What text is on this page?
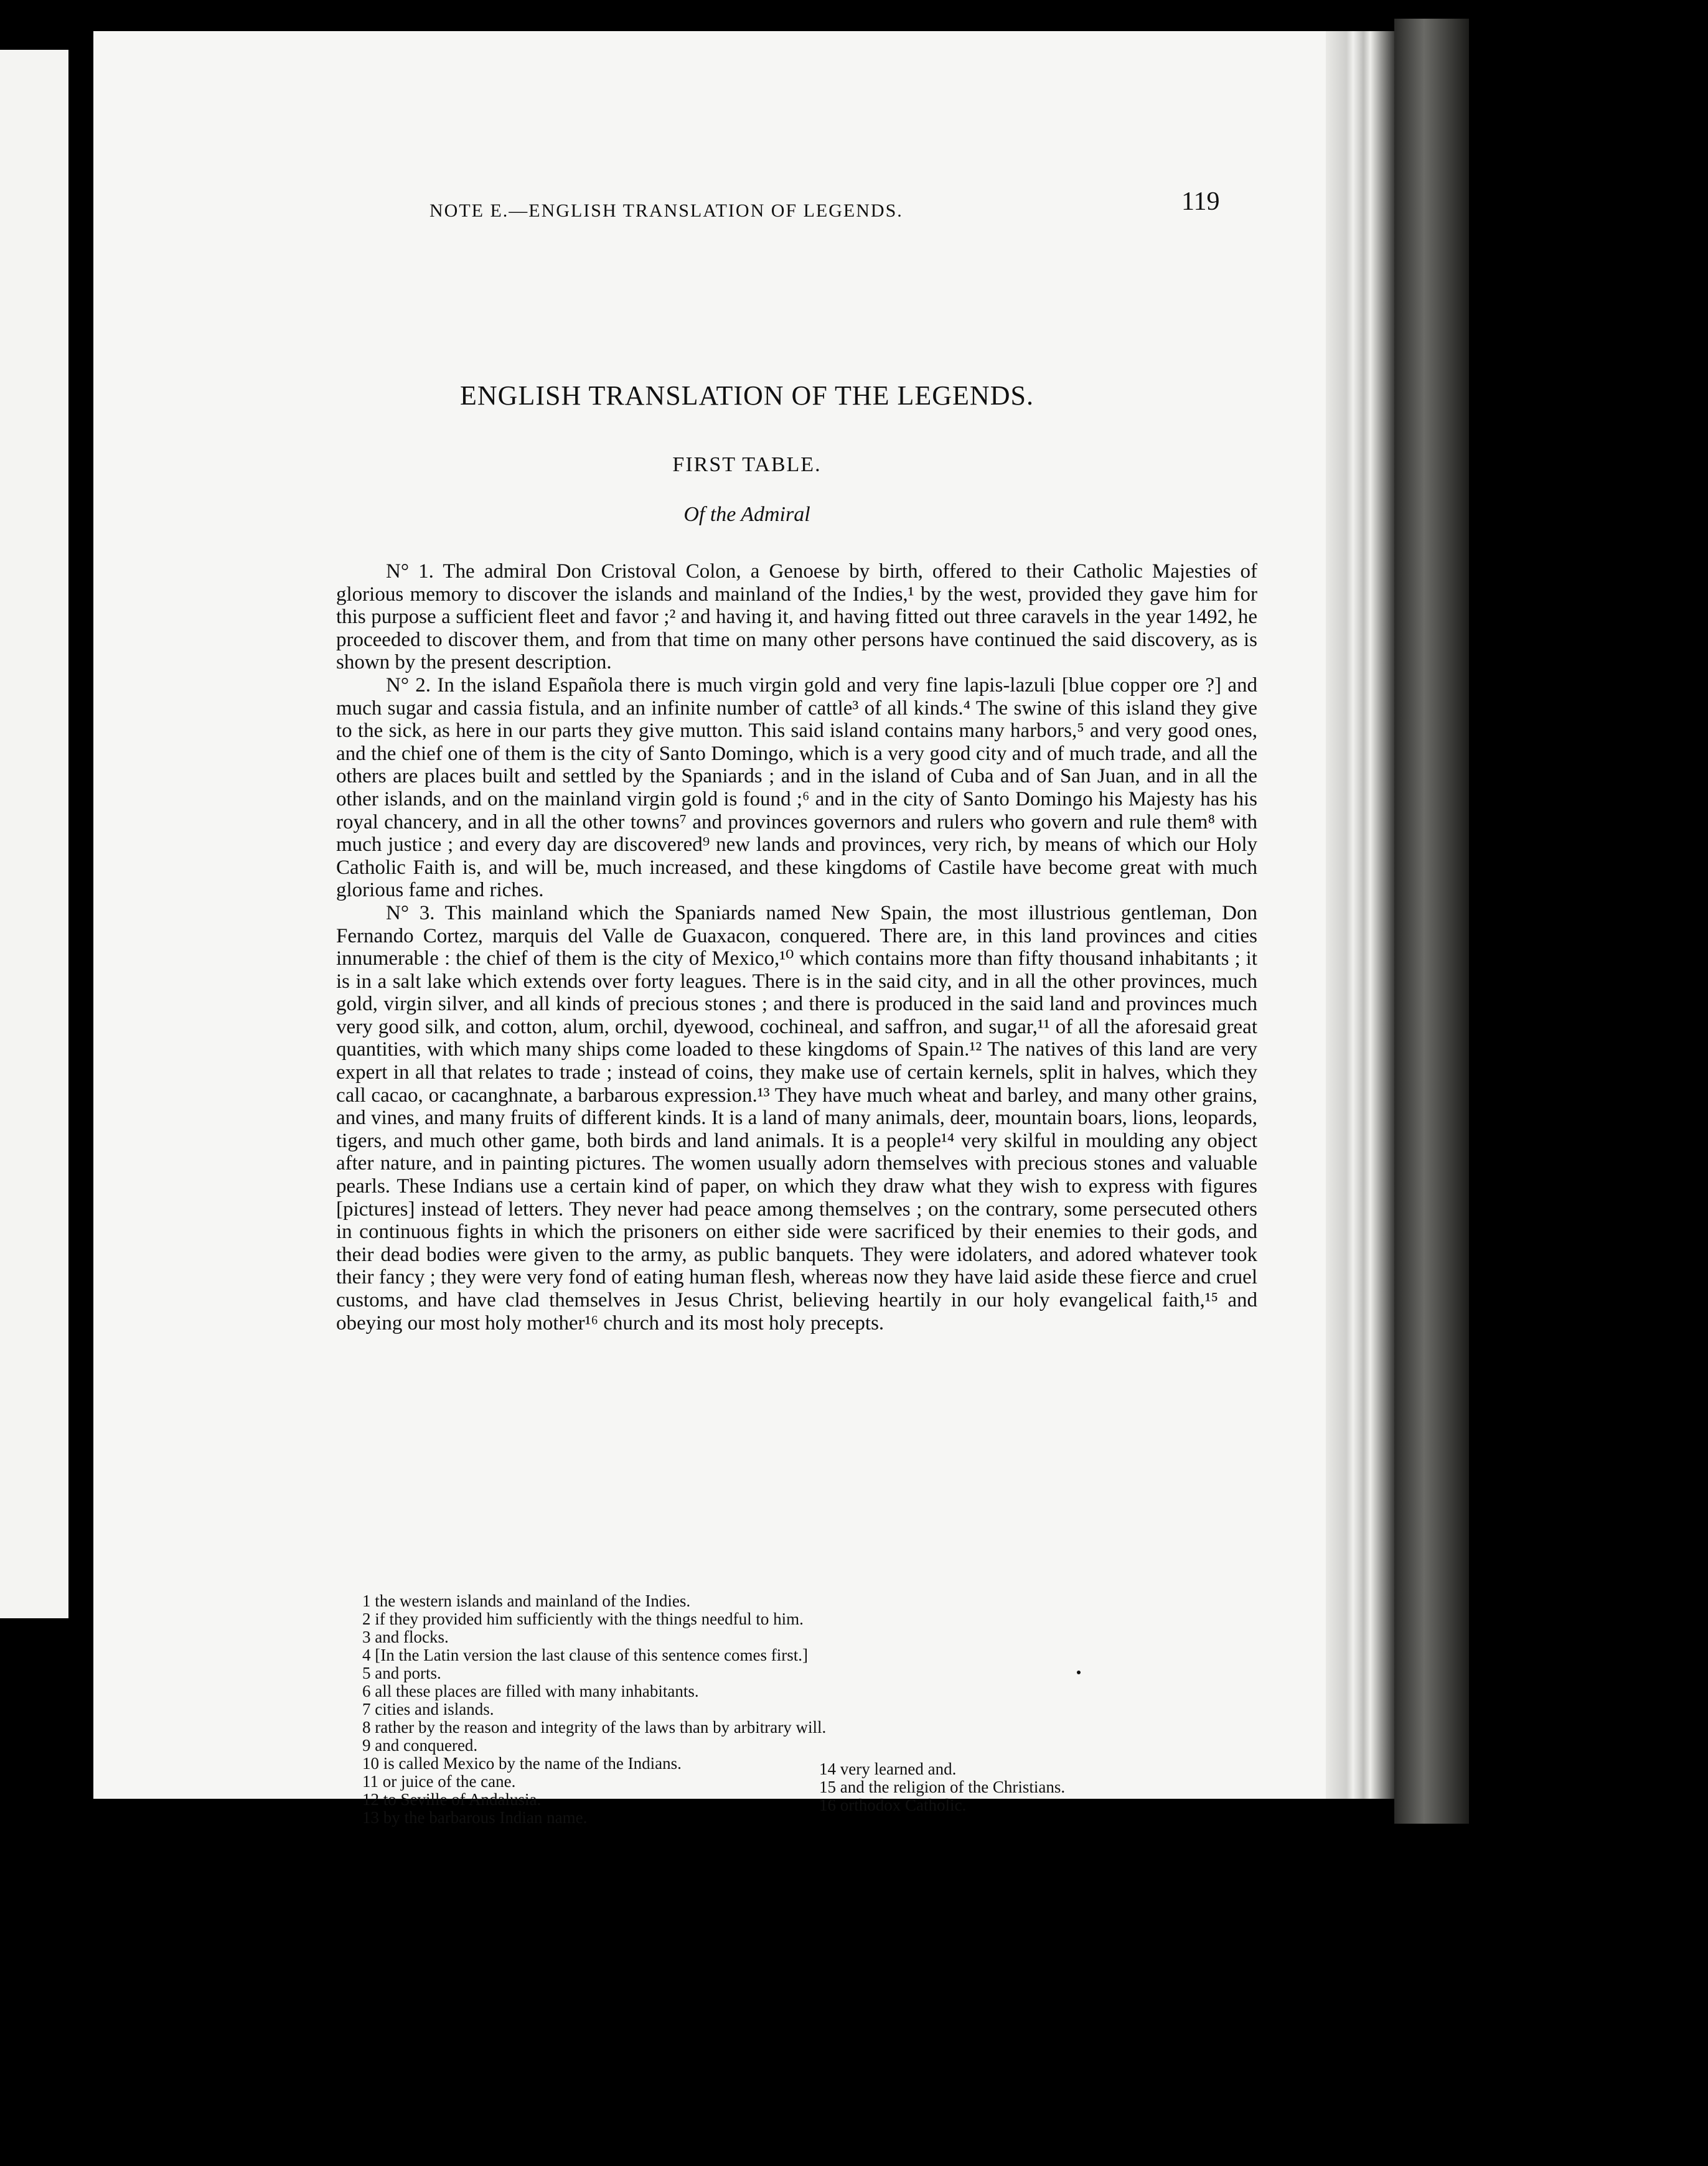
NOTE E.—ENGLISH TRANSLATION OF LEGENDS.	119
ENGLISH TRANSLATION OF THE LEGENDS.
FIRST TABLE.
Of the Admiral

N° 1. The admiral Don Cristoval Colon, a Genoese by birth, offered to their Catholic Majesties of glorious memory to discover the islands and mainland of the Indies,¹ by the west, provided they gave him for this purpose a sufficient fleet and favor ;² and having it, and having fitted out three caravels in the year 1492, he proceeded to discover them, and from that time on many other persons have continued the said discovery, as is shown by the present description.

N° 2. In the island Española there is much virgin gold and very fine lapis-lazuli [blue copper ore ?] and much sugar and cassia fistula, and an infinite number of cattle³ of all kinds.⁴ The swine of this island they give to the sick, as here in our parts they give mutton. This said island contains many harbors,⁵ and very good ones, and the chief one of them is the city of Santo Domingo, which is a very good city and of much trade, and all the others are places built and settled by the Spaniards ; and in the island of Cuba and of San Juan, and in all the other islands, and on the mainland virgin gold is found ;⁶ and in the city of Santo Domingo his Majesty has his royal chancery, and in all the other towns⁷ and provinces governors and rulers who govern and rule them⁸ with much justice ; and every day are discovered⁹ new lands and provinces, very rich, by means of which our Holy Catholic Faith is, and will be, much increased, and these kingdoms of Castile have become great with much glorious fame and riches.

N° 3. This mainland which the Spaniards named New Spain, the most illustrious gentleman, Don Fernando Cortez, marquis del Valle de Guaxacon, conquered. There are, in this land provinces and cities innumerable : the chief of them is the city of Mexico,¹⁰ which contains more than fifty thousand inhabitants ; it is in a salt lake which extends over forty leagues. There is in the said city, and in all the other provinces, much gold, virgin silver, and all kinds of precious stones ; and there is produced in the said land and provinces much very good silk, and cotton, alum, orchil, dyewood, cochineal, and saffron, and sugar,¹¹ of all the aforesaid great quantities, with which many ships come loaded to these kingdoms of Spain.¹² The natives of this land are very expert in all that relates to trade ; instead of coins, they make use of certain kernels, split in halves, which they call cacao, or cacanghnate, a barbarous expression.¹³ They have much wheat and barley, and many other grains, and vines, and many fruits of different kinds. It is a land of many animals, deer, mountain boars, lions, leopards, tigers, and much other game, both birds and land animals. It is a people¹⁴ very skilful in moulding any object after nature, and in painting pictures. The women usually adorn themselves with precious stones and valuable pearls. These Indians use a certain kind of paper, on which they draw what they wish to express with figures [pictures] instead of letters. They never had peace among themselves ; on the contrary, some persecuted others in continuous fights in which the prisoners on either side were sacrificed by their enemies to their gods, and their dead bodies were given to the army, as public banquets. They were idolaters, and adored whatever took their fancy ; they were very fond of eating human flesh, whereas now they have laid aside these fierce and cruel customs, and have clad themselves in Jesus Christ, believing heartily in our holy evangelical faith,¹⁵ and obeying our most holy mother¹⁶ church and its most holy precepts.

1 the western islands and mainland of the Indies.
2 if they provided him sufficiently with the things needful to him.
3 and flocks.
4 [In the Latin version the last clause of this sentence comes first.]
5 and ports.
6 all these places are filled with many inhabitants.
7 cities and islands.
8 rather by the reason and integrity of the laws than by arbitrary will.
9 and conquered.
10 is called Mexico by the name of the Indians.
11 or juice of the cane.
12 to Seville of Andalusia.
13 by the barbarous Indian name.
14 very learned and.
15 and the religion of the Christians.
16 orthodox Catholic.
